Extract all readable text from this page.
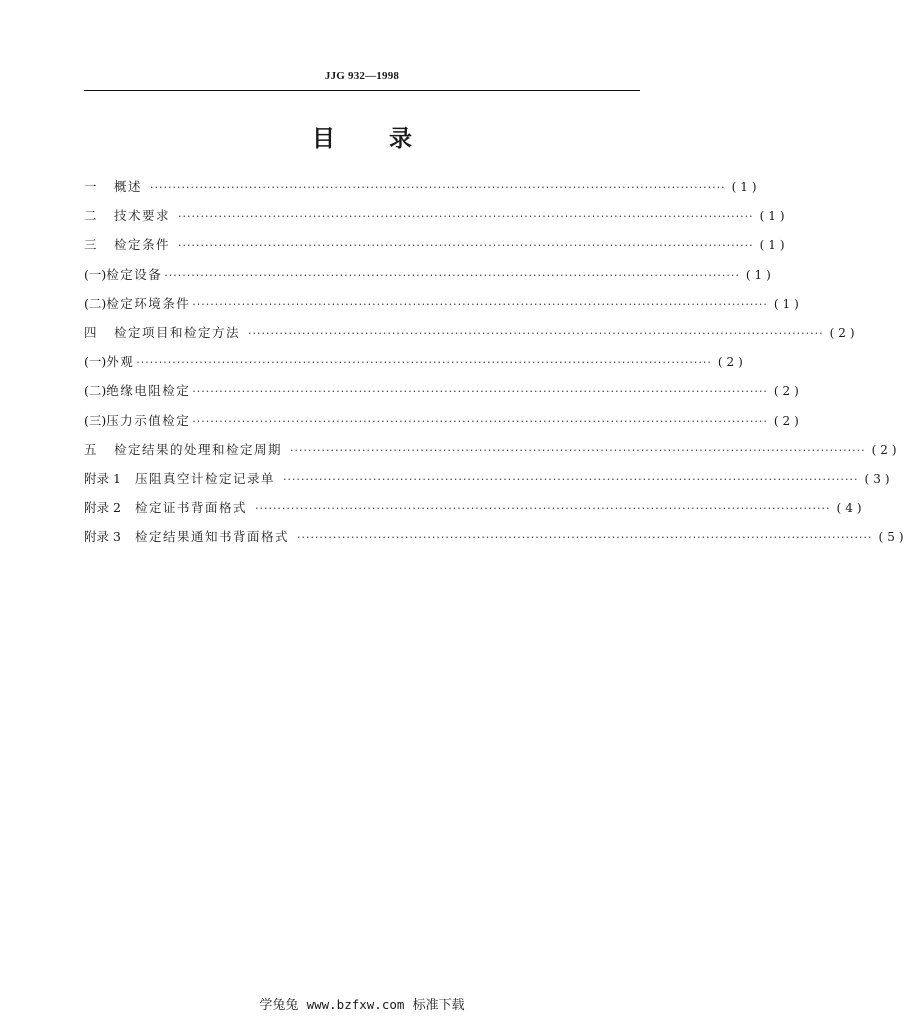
JJG 932—1998
目 录
一	概述 ································································································································ (1)
二	技术要求 ································································································································ (1)
三	检定条件 ································································································································ (1)
(一) 检定设备 ································································································································ (1)
(二) 检定环境条件 ································································································································ (1)
四	检定项目和检定方法 ································································································································ (2)
(一) 外观 ································································································································ (2)
(二) 绝缘电阻检定 ································································································································ (2)
(三) 压力示值检定 ································································································································ (2)
五	检定结果的处理和检定周期 ································································································································ (2)
附录 1 压阻真空计检定记录单 ································································································································ (3)
附录 2 检定证书背面格式 ································································································································ (4)
附录 3 检定结果通知书背面格式 ································································································································ (5)
学兔兔 www.bzfxw.com 标准下载
